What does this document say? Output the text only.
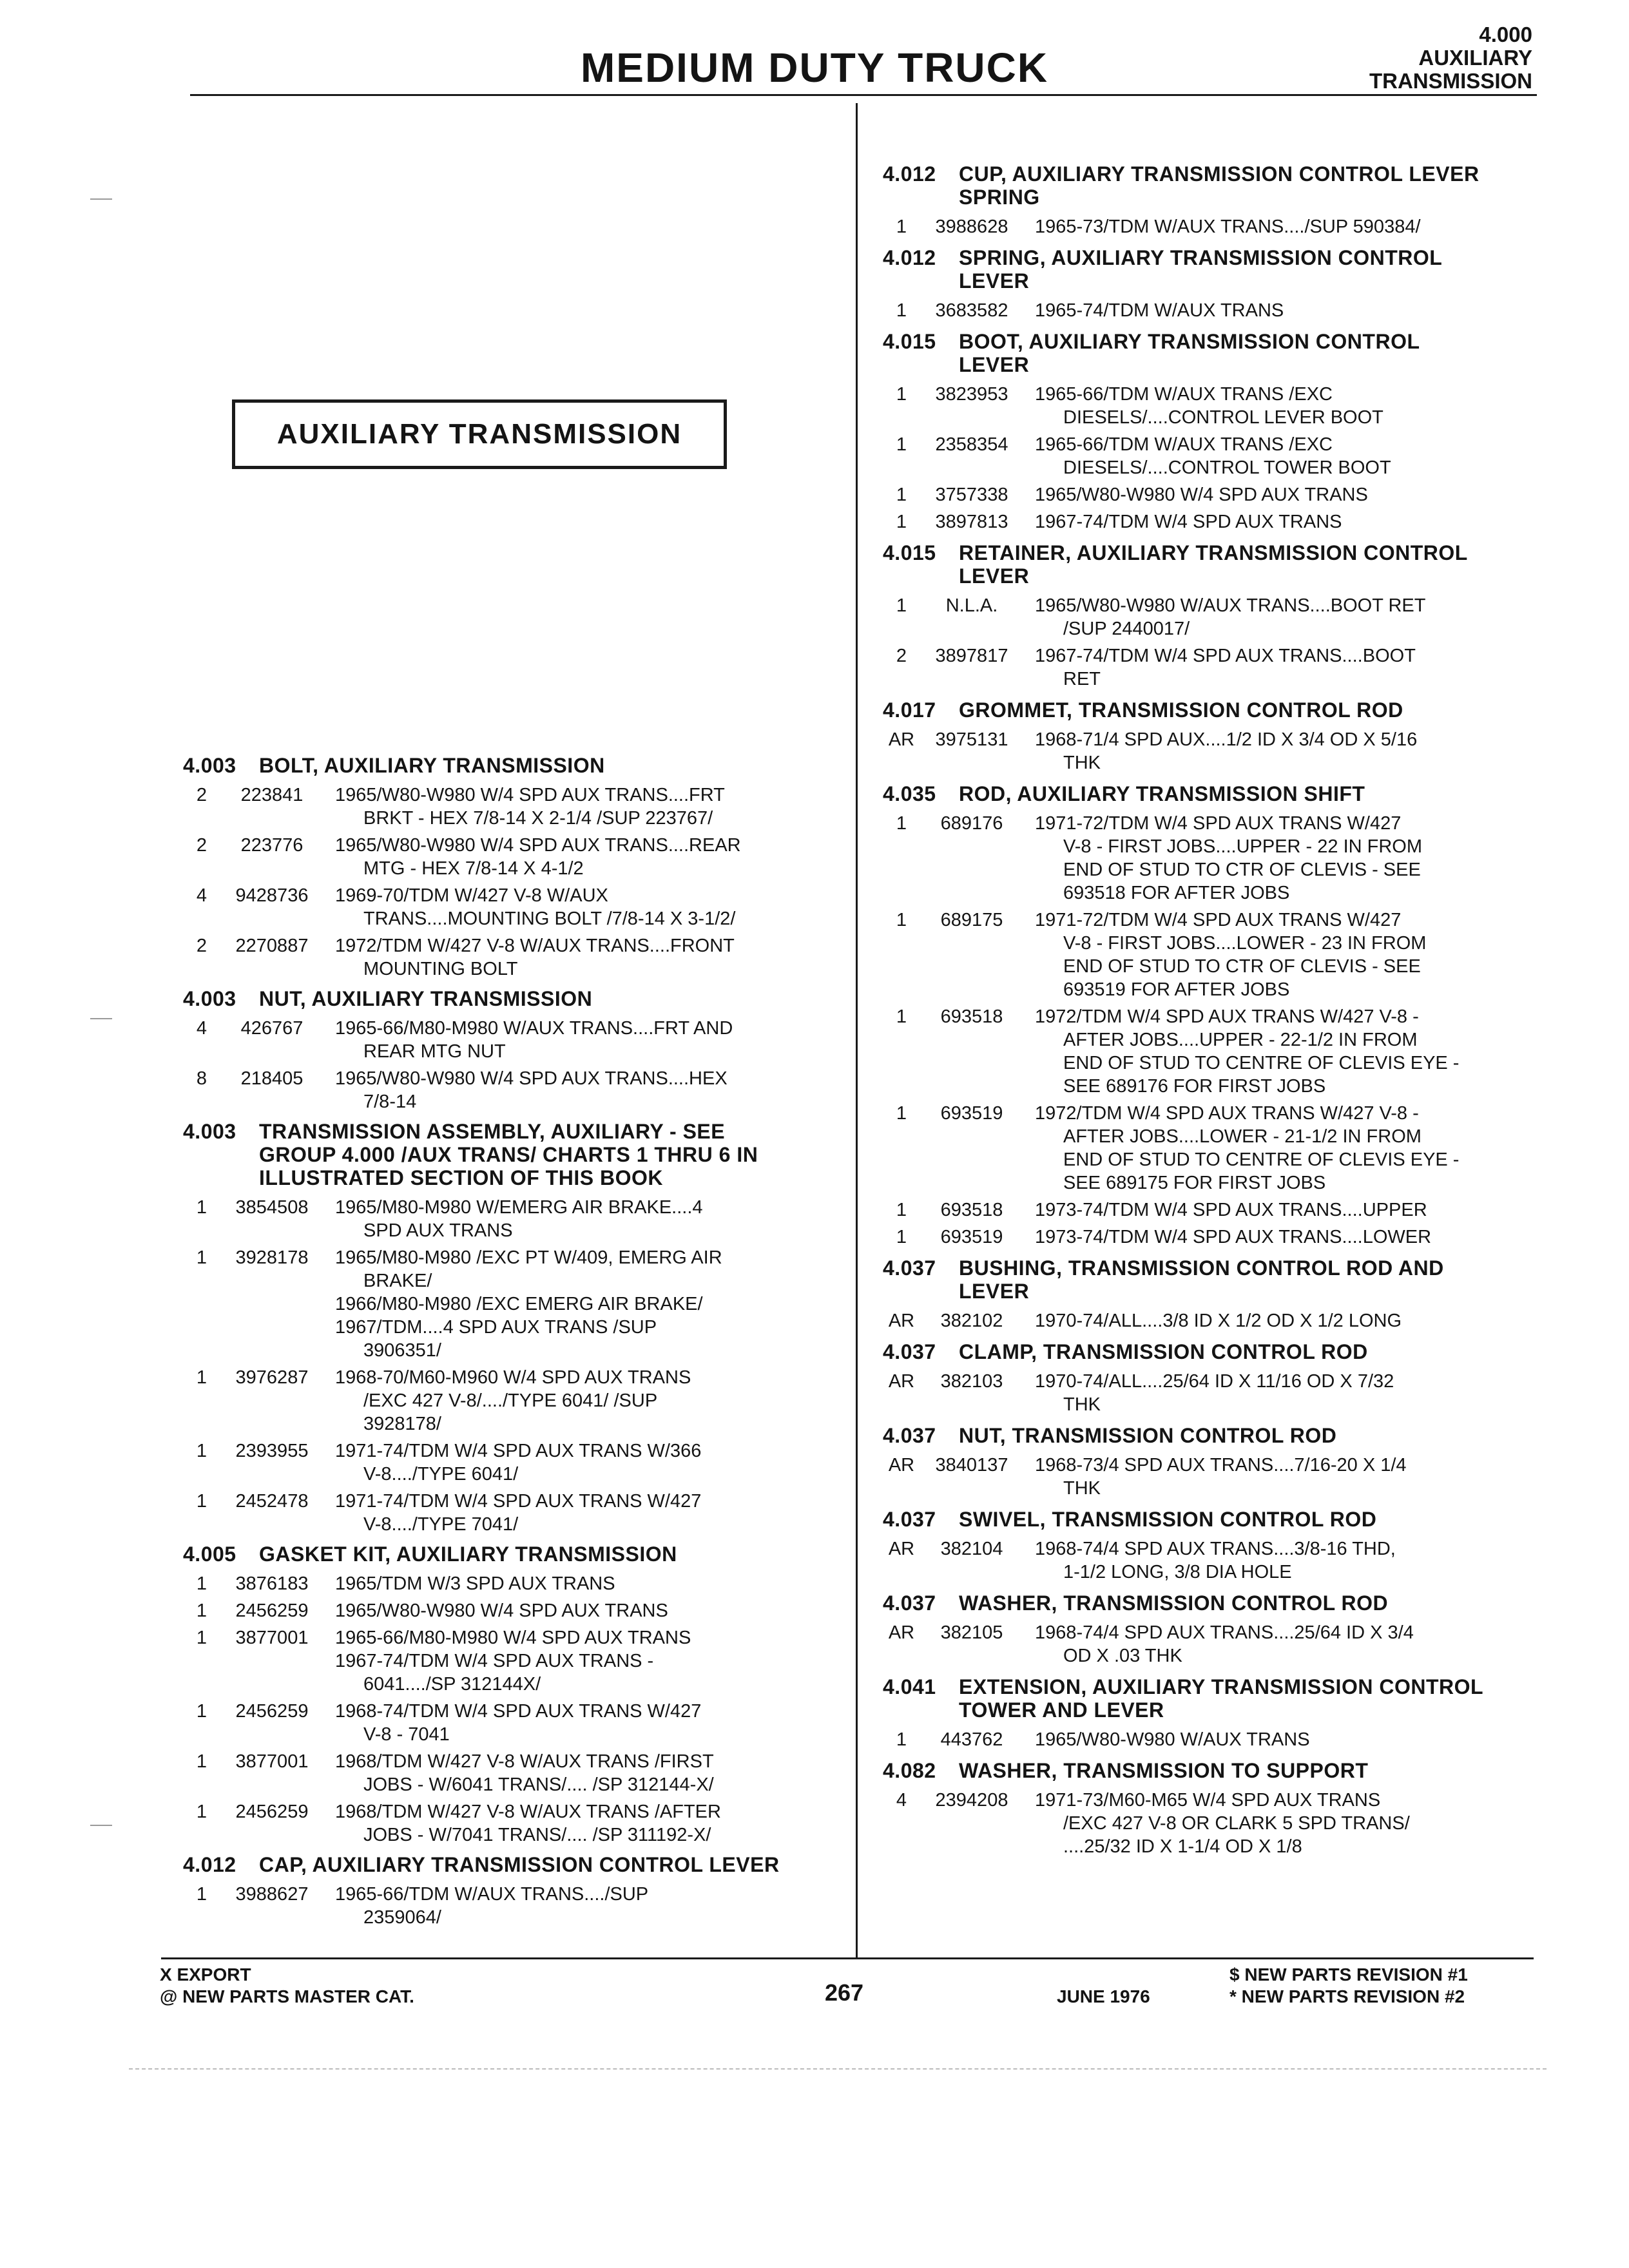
MEDIUM DUTY TRUCK
4.000
AUXILIARY
TRANSMISSION
AUXILIARY TRANSMISSION
4.003	BOLT, AUXILIARY TRANSMISSION
2	223841	1965/W80-W980 W/4 SPD AUX TRANS....FRT
BRKT - HEX 7/8-14 X 2-1/4 /SUP 223767/
2	223776	1965/W80-W980 W/4 SPD AUX TRANS....REAR
MTG - HEX 7/8-14 X 4-1/2
4	9428736	1969-70/TDM W/427 V-8 W/AUX
TRANS....MOUNTING BOLT /7/8-14 X 3-1/2/
2	2270887	1972/TDM W/427 V-8 W/AUX TRANS....FRONT
MOUNTING BOLT
4.003	NUT, AUXILIARY TRANSMISSION
4	426767	1965-66/M80-M980 W/AUX TRANS....FRT AND
REAR MTG NUT
8	218405	1965/W80-W980 W/4 SPD AUX TRANS....HEX
7/8-14
4.003	TRANSMISSION ASSEMBLY, AUXILIARY - SEE
GROUP 4.000 /AUX TRANS/ CHARTS 1 THRU 6 IN
ILLUSTRATED SECTION OF THIS BOOK
1	3854508	1965/M80-M980 W/EMERG AIR BRAKE....4
SPD AUX TRANS
1	3928178	1965/M80-M980 /EXC PT W/409, EMERG AIR
BRAKE/
1966/M80-M980 /EXC EMERG AIR BRAKE/
1967/TDM....4 SPD AUX TRANS /SUP
3906351/
1	3976287	1968-70/M60-M960 W/4 SPD AUX TRANS
/EXC 427 V-8/..../TYPE 6041/ /SUP
3928178/
1	2393955	1971-74/TDM W/4 SPD AUX TRANS W/366
V-8..../TYPE 6041/
1	2452478	1971-74/TDM W/4 SPD AUX TRANS W/427
V-8..../TYPE 7041/
4.005	GASKET KIT, AUXILIARY TRANSMISSION
1	3876183	1965/TDM W/3 SPD AUX TRANS
1	2456259	1965/W80-W980 W/4 SPD AUX TRANS
1	3877001	1965-66/M80-M980 W/4 SPD AUX TRANS
1967-74/TDM W/4 SPD AUX TRANS -
6041..../SP 312144X/
1	2456259	1968-74/TDM W/4 SPD AUX TRANS W/427
V-8 - 7041
1	3877001	1968/TDM W/427 V-8 W/AUX TRANS /FIRST
JOBS - W/6041 TRANS/.... /SP 312144-X/
1	2456259	1968/TDM W/427 V-8 W/AUX TRANS /AFTER
JOBS - W/7041 TRANS/.... /SP 311192-X/
4.012	CAP, AUXILIARY TRANSMISSION CONTROL LEVER
1	3988627	1965-66/TDM W/AUX TRANS..../SUP
2359064/
4.012	CUP, AUXILIARY TRANSMISSION CONTROL LEVER
SPRING
1	3988628	1965-73/TDM W/AUX TRANS..../SUP 590384/
4.012	SPRING, AUXILIARY TRANSMISSION CONTROL
LEVER
1	3683582	1965-74/TDM W/AUX TRANS
4.015	BOOT, AUXILIARY TRANSMISSION CONTROL
LEVER
1	3823953	1965-66/TDM W/AUX TRANS /EXC
DIESELS/....CONTROL LEVER BOOT
1	2358354	1965-66/TDM W/AUX TRANS /EXC
DIESELS/....CONTROL TOWER BOOT
1	3757338	1965/W80-W980 W/4 SPD AUX TRANS
1	3897813	1967-74/TDM W/4 SPD AUX TRANS
4.015	RETAINER, AUXILIARY TRANSMISSION CONTROL
LEVER
1	N.L.A.	1965/W80-W980 W/AUX TRANS....BOOT RET
/SUP 2440017/
2	3897817	1967-74/TDM W/4 SPD AUX TRANS....BOOT
RET
4.017	GROMMET, TRANSMISSION CONTROL ROD
AR	3975131	1968-71/4 SPD AUX....1/2 ID X 3/4 OD X 5/16
THK
4.035	ROD, AUXILIARY TRANSMISSION SHIFT
1	689176	1971-72/TDM W/4 SPD AUX TRANS W/427
V-8 - FIRST JOBS....UPPER - 22 IN FROM
END OF STUD TO CTR OF CLEVIS - SEE
693518 FOR AFTER JOBS
1	689175	1971-72/TDM W/4 SPD AUX TRANS W/427
V-8 - FIRST JOBS....LOWER - 23 IN FROM
END OF STUD TO CTR OF CLEVIS - SEE
693519 FOR AFTER JOBS
1	693518	1972/TDM W/4 SPD AUX TRANS W/427 V-8 -
AFTER JOBS....UPPER - 22-1/2 IN FROM
END OF STUD TO CENTRE OF CLEVIS EYE -
SEE 689176 FOR FIRST JOBS
1	693519	1972/TDM W/4 SPD AUX TRANS W/427 V-8 -
AFTER JOBS....LOWER - 21-1/2 IN FROM
END OF STUD TO CENTRE OF CLEVIS EYE -
SEE 689175 FOR FIRST JOBS
1	693518	1973-74/TDM W/4 SPD AUX TRANS....UPPER
1	693519	1973-74/TDM W/4 SPD AUX TRANS....LOWER
4.037	BUSHING, TRANSMISSION CONTROL ROD AND
LEVER
AR	382102	1970-74/ALL....3/8 ID X 1/2 OD X 1/2 LONG
4.037	CLAMP, TRANSMISSION CONTROL ROD
AR	382103	1970-74/ALL....25/64 ID X 11/16 OD X 7/32
THK
4.037	NUT, TRANSMISSION CONTROL ROD
AR	3840137	1968-73/4 SPD AUX TRANS....7/16-20 X 1/4
THK
4.037	SWIVEL, TRANSMISSION CONTROL ROD
AR	382104	1968-74/4 SPD AUX TRANS....3/8-16 THD,
1-1/2 LONG, 3/8 DIA HOLE
4.037	WASHER, TRANSMISSION CONTROL ROD
AR	382105	1968-74/4 SPD AUX TRANS....25/64 ID X 3/4
OD X .03 THK
4.041	EXTENSION, AUXILIARY TRANSMISSION CONTROL
TOWER AND LEVER
1	443762	1965/W80-W980 W/AUX TRANS
4.082	WASHER, TRANSMISSION TO SUPPORT
4	2394208	1971-73/M60-M65 W/4 SPD AUX TRANS
/EXC 427 V-8 OR CLARK 5 SPD TRANS/
....25/32 ID X 1-1/4 OD X 1/8
X EXPORT
@ NEW PARTS MASTER CAT.	267	JUNE 1976
$ NEW PARTS REVISION #1
* NEW PARTS REVISION #2
